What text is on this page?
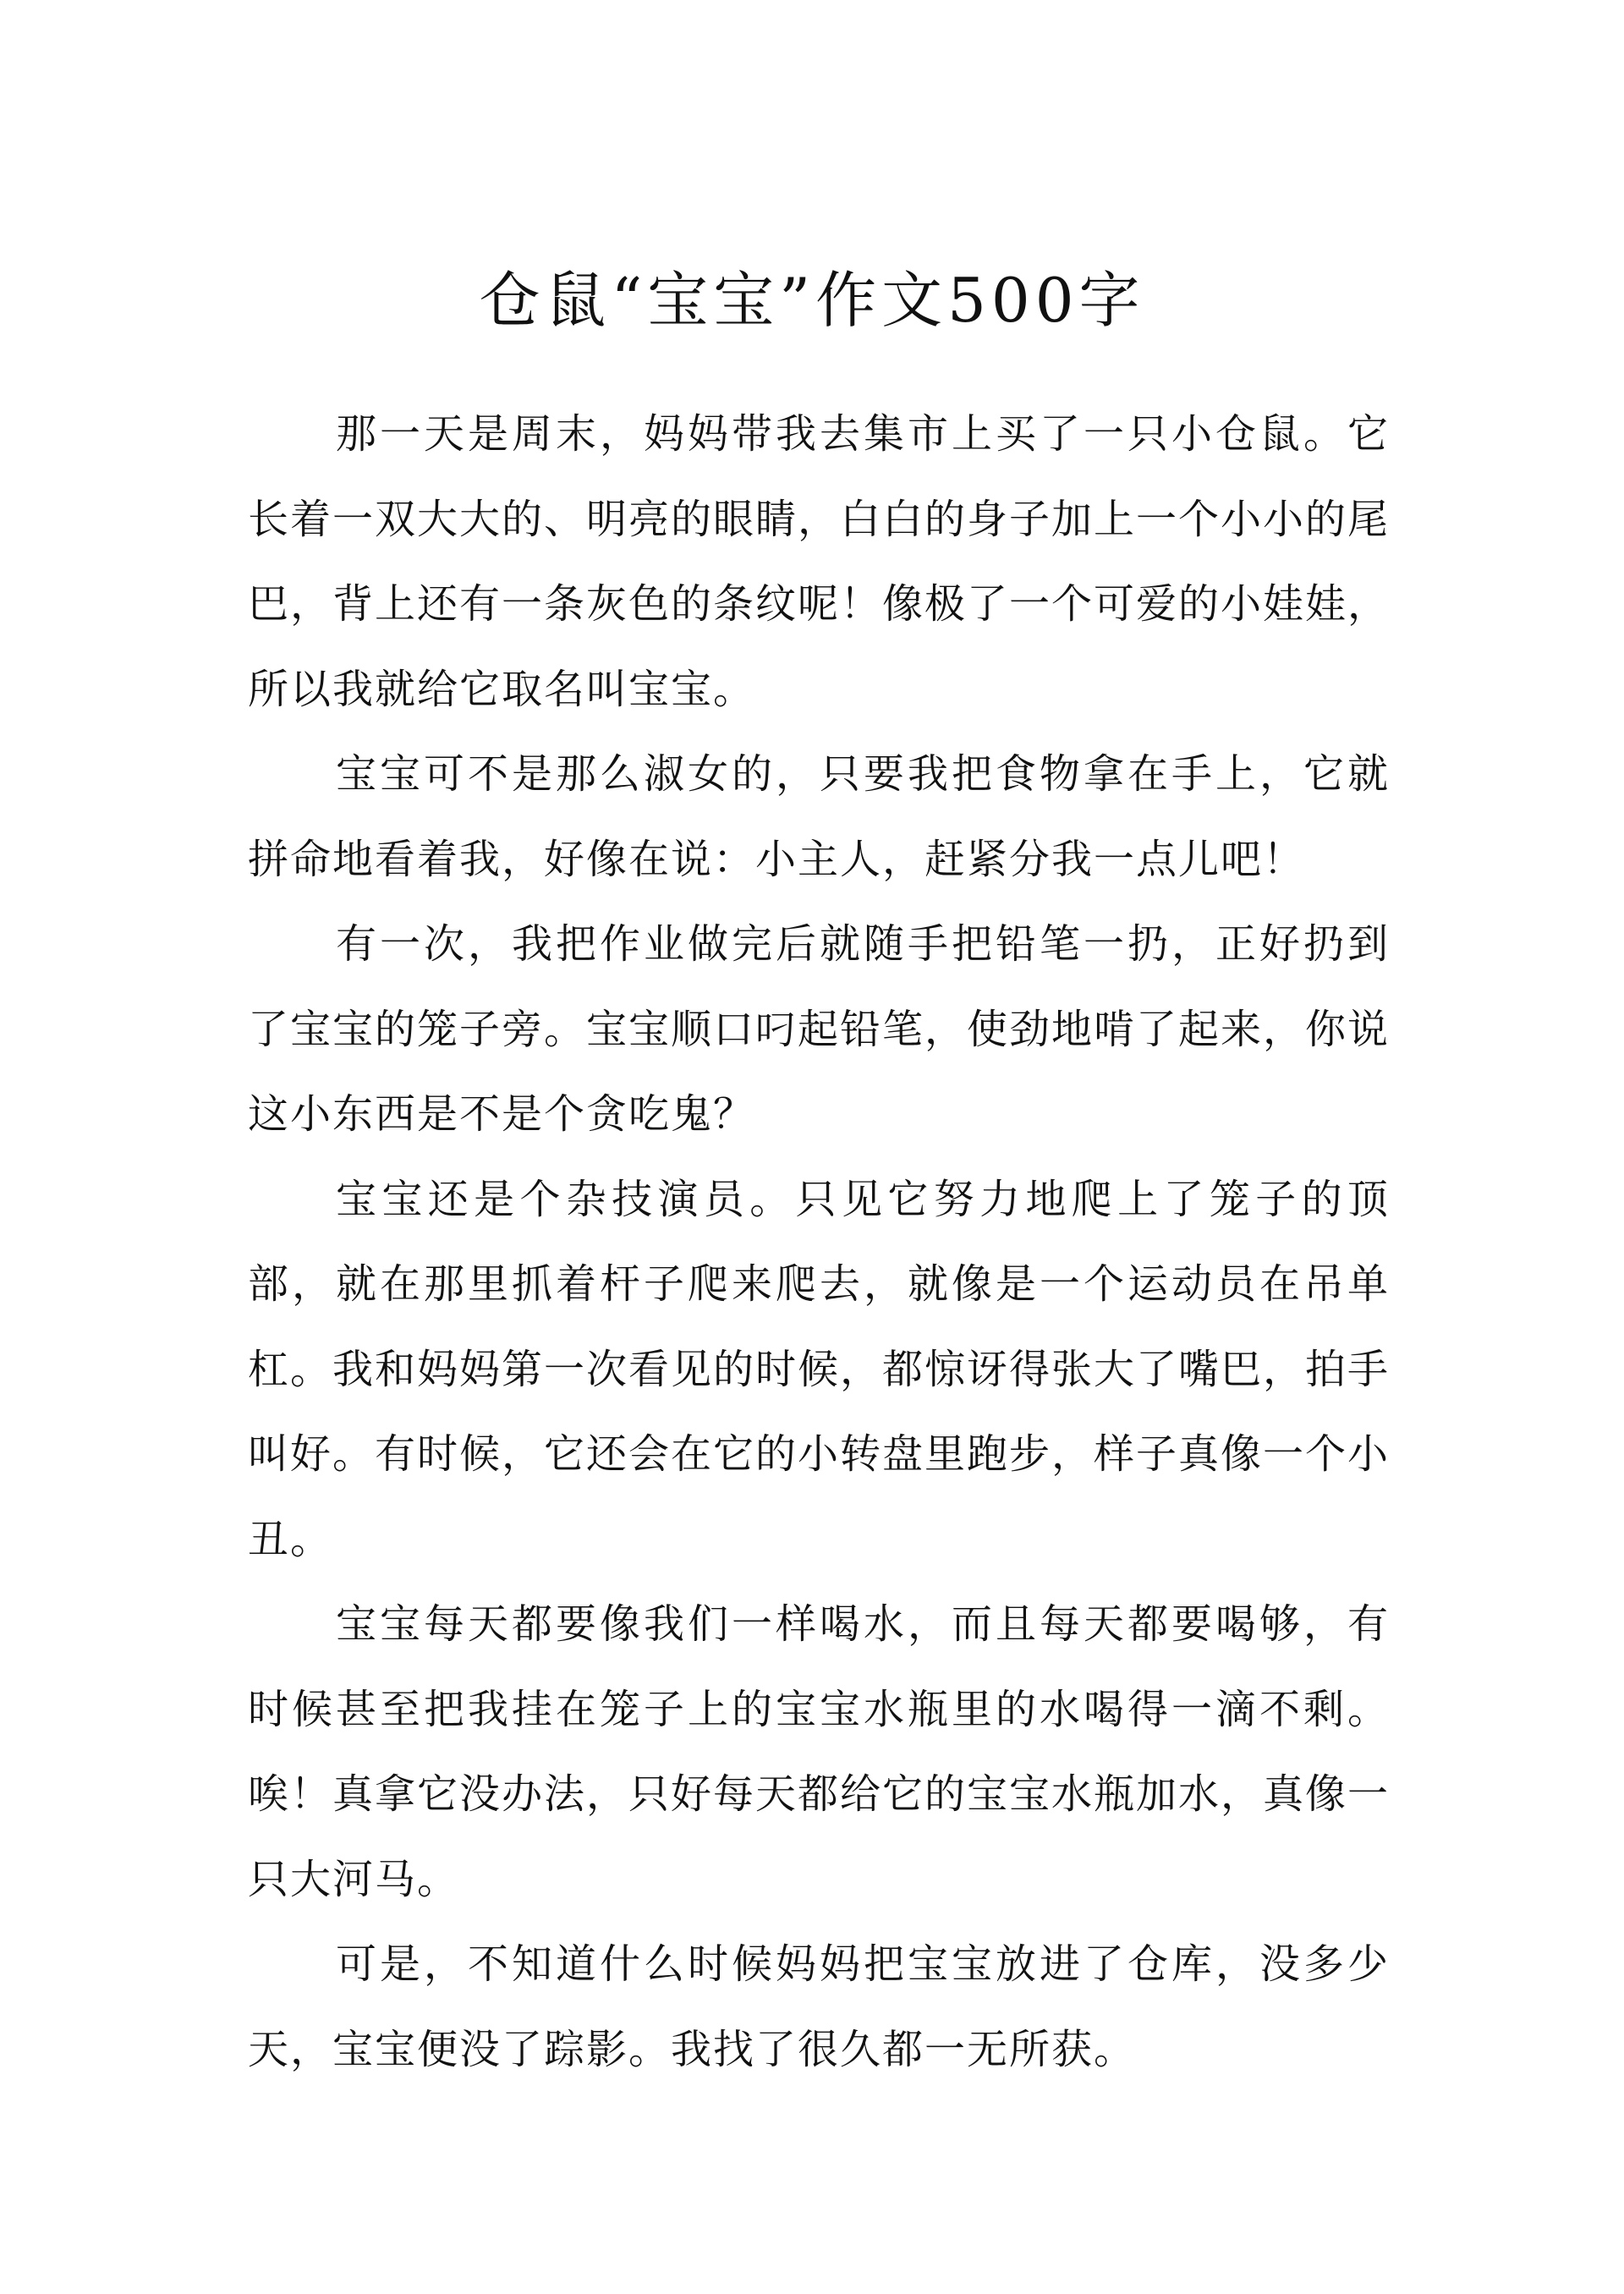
仓鼠“宝宝”作文500字

那一天是周末，妈妈带我去集市上买了一只小仓鼠。它长着一双大大的、明亮的眼睛，白白的身子加上一个小小的尾巴，背上还有一条灰色的条纹呢！像极了一个可爱的小娃娃，所以我就给它取名叫宝宝。

宝宝可不是那么淑女的，只要我把食物拿在手上，它就拼命地看着我，好像在说：小主人，赶紧分我一点儿吧！

有一次，我把作业做完后就随手把铅笔一扔，正好扔到了宝宝的笼子旁。宝宝顺口叼起铅笔，使劲地啃了起来，你说这小东西是不是个贪吃鬼？

宝宝还是个杂技演员。只见它努力地爬上了笼子的顶部，就在那里抓着杆子爬来爬去，就像是一个运动员在吊单杠。我和妈妈第一次看见的时候，都惊讶得张大了嘴巴，拍手叫好。有时候，它还会在它的小转盘里跑步，样子真像一个小丑。

宝宝每天都要像我们一样喝水，而且每天都要喝够，有时候甚至把我挂在笼子上的宝宝水瓶里的水喝得一滴不剩。唉！真拿它没办法，只好每天都给它的宝宝水瓶加水，真像一只大河马。

可是，不知道什么时候妈妈把宝宝放进了仓库，没多少天，宝宝便没了踪影。我找了很久都一无所获。
